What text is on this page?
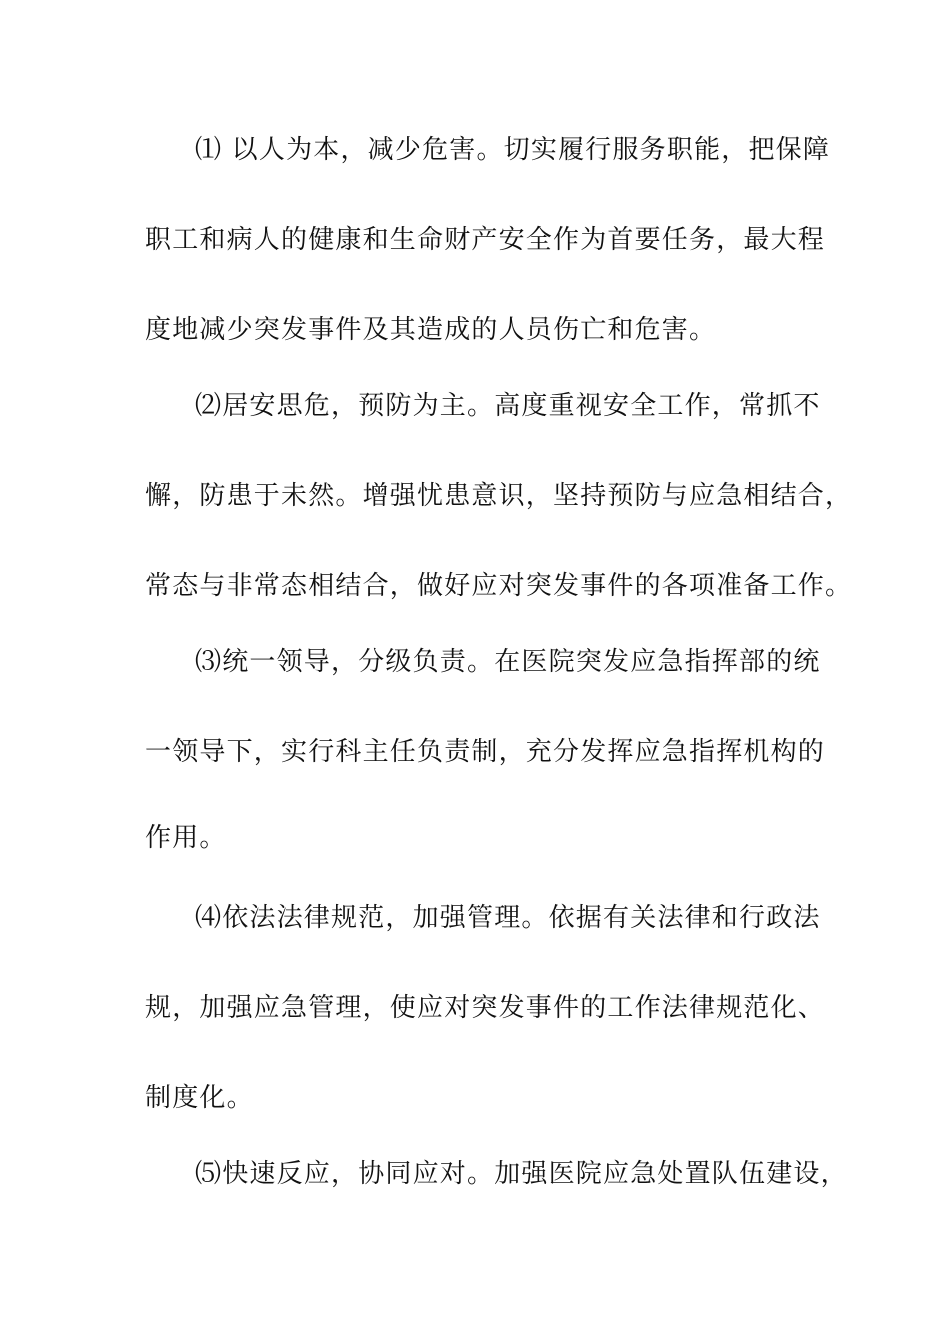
⑴ 以人为本，减少危害。切实履行服务职能，把保障
职工和病人的健康和生命财产安全作为首要任务，最大程
度地减少突发事件及其造成的人员伤亡和危害。
⑵居安思危，预防为主。高度重视安全工作，常抓不
懈，防患于未然。增强忧患意识，坚持预防与应急相结合，
常态与非常态相结合，做好应对突发事件的各项准备工作。
⑶统一领导，分级负责。在医院突发应急指挥部的统
一领导下，实行科主任负责制，充分发挥应急指挥机构的
作用。
⑷依法法律规范，加强管理。依据有关法律和行政法
规，加强应急管理，使应对突发事件的工作法律规范化、
制度化。
⑸快速反应，协同应对。加强医院应急处置队伍建设，
